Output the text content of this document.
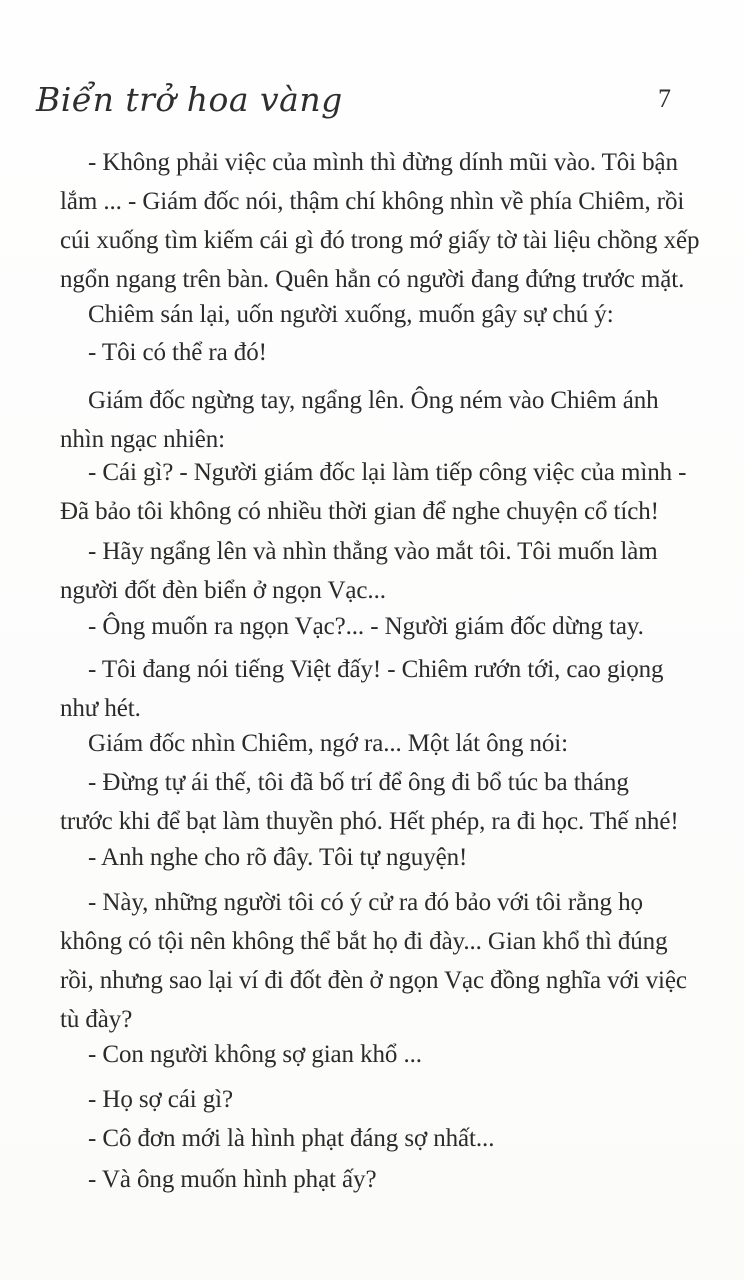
Biển trở hoa vàng	7
- Không phải việc của mình thì đừng dính mũi vào. Tôi bận
lắm ... - Giám đốc nói, thậm chí không nhìn về phía Chiêm, rồi
cúi xuống tìm kiếm cái gì đó trong mớ giấy tờ tài liệu chồng xếp
ngổn ngang trên bàn. Quên hẳn có người đang đứng trước mặt.
Chiêm sán lại, uốn người xuống, muốn gây sự chú ý:
- Tôi có thể ra đó!
Giám đốc ngừng tay, ngẩng lên. Ông ném vào Chiêm ánh
nhìn ngạc nhiên:
- Cái gì? - Người giám đốc lại làm tiếp công việc của mình -
Đã bảo tôi không có nhiều thời gian để nghe chuyện cổ tích!
- Hãy ngẩng lên và nhìn thẳng vào mắt tôi. Tôi muốn làm
người đốt đèn biển ở ngọn Vạc...
- Ông muốn ra ngọn Vạc?... - Người giám đốc dừng tay.
- Tôi đang nói tiếng Việt đấy! - Chiêm rướn tới, cao giọng
như hét.
Giám đốc nhìn Chiêm, ngớ ra... Một lát ông nói:
- Đừng tự ái thế, tôi đã bố trí để ông đi bổ túc ba tháng
trước khi để bạt làm thuyền phó. Hết phép, ra đi học. Thế nhé!
- Anh nghe cho rõ đây. Tôi tự nguyện!
- Này, những người tôi có ý cử ra đó bảo với tôi rằng họ
không có tội nên không thể bắt họ đi đày... Gian khổ thì đúng
rồi, nhưng sao lại ví đi đốt đèn ở ngọn Vạc đồng nghĩa với việc
tù đày?
- Con người không sợ gian khổ ...
- Họ sợ cái gì?
- Cô đơn mới là hình phạt đáng sợ nhất...
- Và ông muốn hình phạt ấy?
